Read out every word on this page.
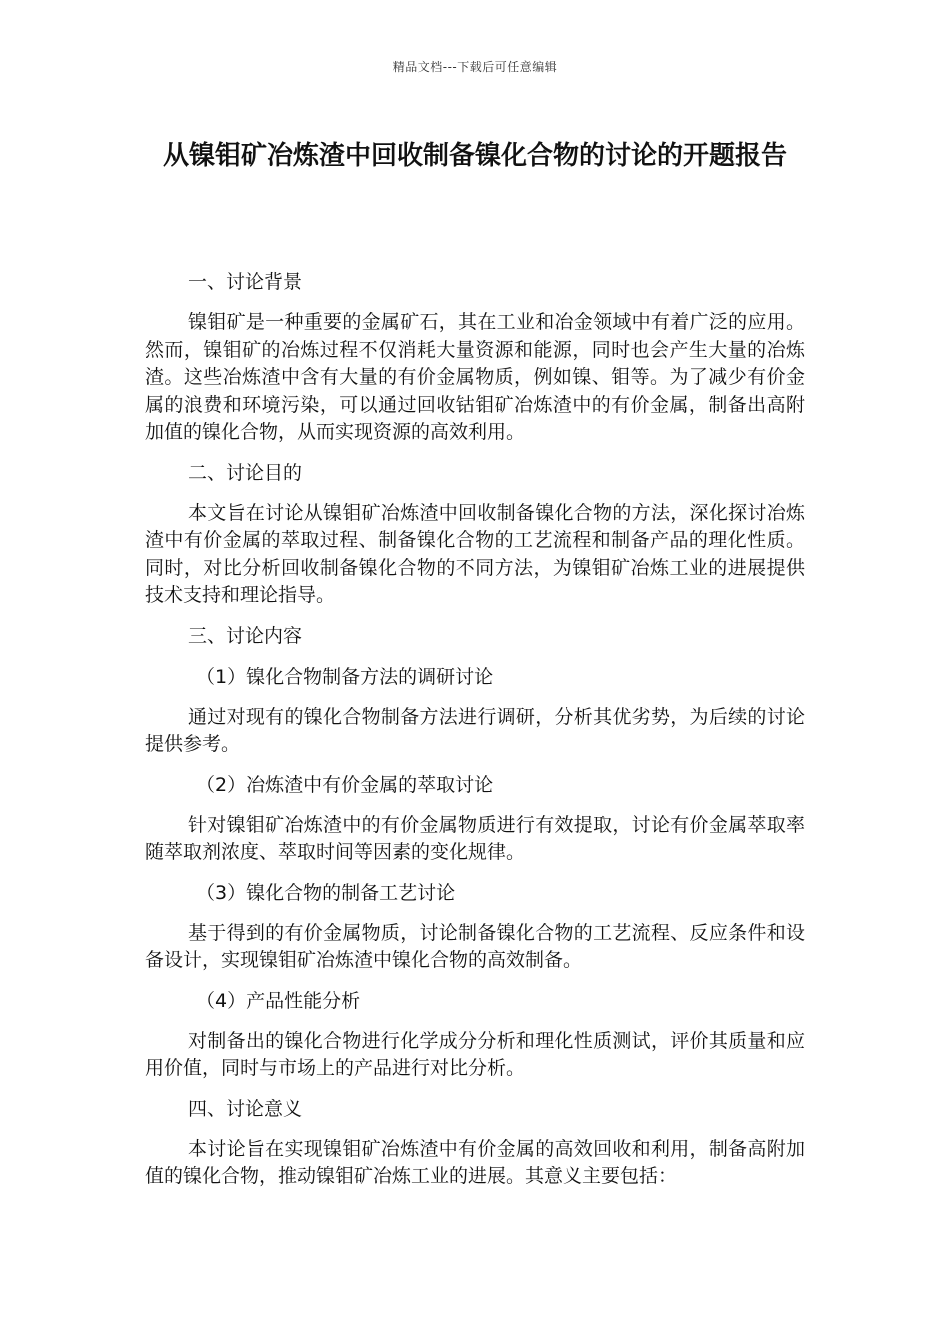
精品文档---下载后可任意编辑
从镍钼矿冶炼渣中回收制备镍化合物的讨论的开题报告
一、讨论背景

镍钼矿是一种重要的金属矿石，其在工业和冶金领域中有着广泛的应用。然而，镍钼矿的冶炼过程不仅消耗大量资源和能源，同时也会产生大量的冶炼渣。这些冶炼渣中含有大量的有价金属物质，例如镍、钼等。为了减少有价金属的浪费和环境污染，可以通过回收钴钼矿冶炼渣中的有价金属，制备出高附加值的镍化合物，从而实现资源的高效利用。

二、讨论目的

本文旨在讨论从镍钼矿冶炼渣中回收制备镍化合物的方法，深化探讨冶炼渣中有价金属的萃取过程、制备镍化合物的工艺流程和制备产品的理化性质。同时，对比分析回收制备镍化合物的不同方法，为镍钼矿冶炼工业的进展提供技术支持和理论指导。

三、讨论内容
（1）镍化合物制备方法的调研讨论

通过对现有的镍化合物制备方法进行调研，分析其优劣势，为后续的讨论提供参考。

（2）冶炼渣中有价金属的萃取讨论

针对镍钼矿冶炼渣中的有价金属物质进行有效提取，讨论有价金属萃取率随萃取剂浓度、萃取时间等因素的变化规律。

（3）镍化合物的制备工艺讨论

基于得到的有价金属物质，讨论制备镍化合物的工艺流程、反应条件和设备设计，实现镍钼矿冶炼渣中镍化合物的高效制备。

（4）产品性能分析

对制备出的镍化合物进行化学成分分析和理化性质测试，评价其质量和应用价值，同时与市场上的产品进行对比分析。

四、讨论意义

本讨论旨在实现镍钼矿冶炼渣中有价金属的高效回收和利用，制备高附加值的镍化合物，推动镍钼矿冶炼工业的进展。其意义主要包括：
